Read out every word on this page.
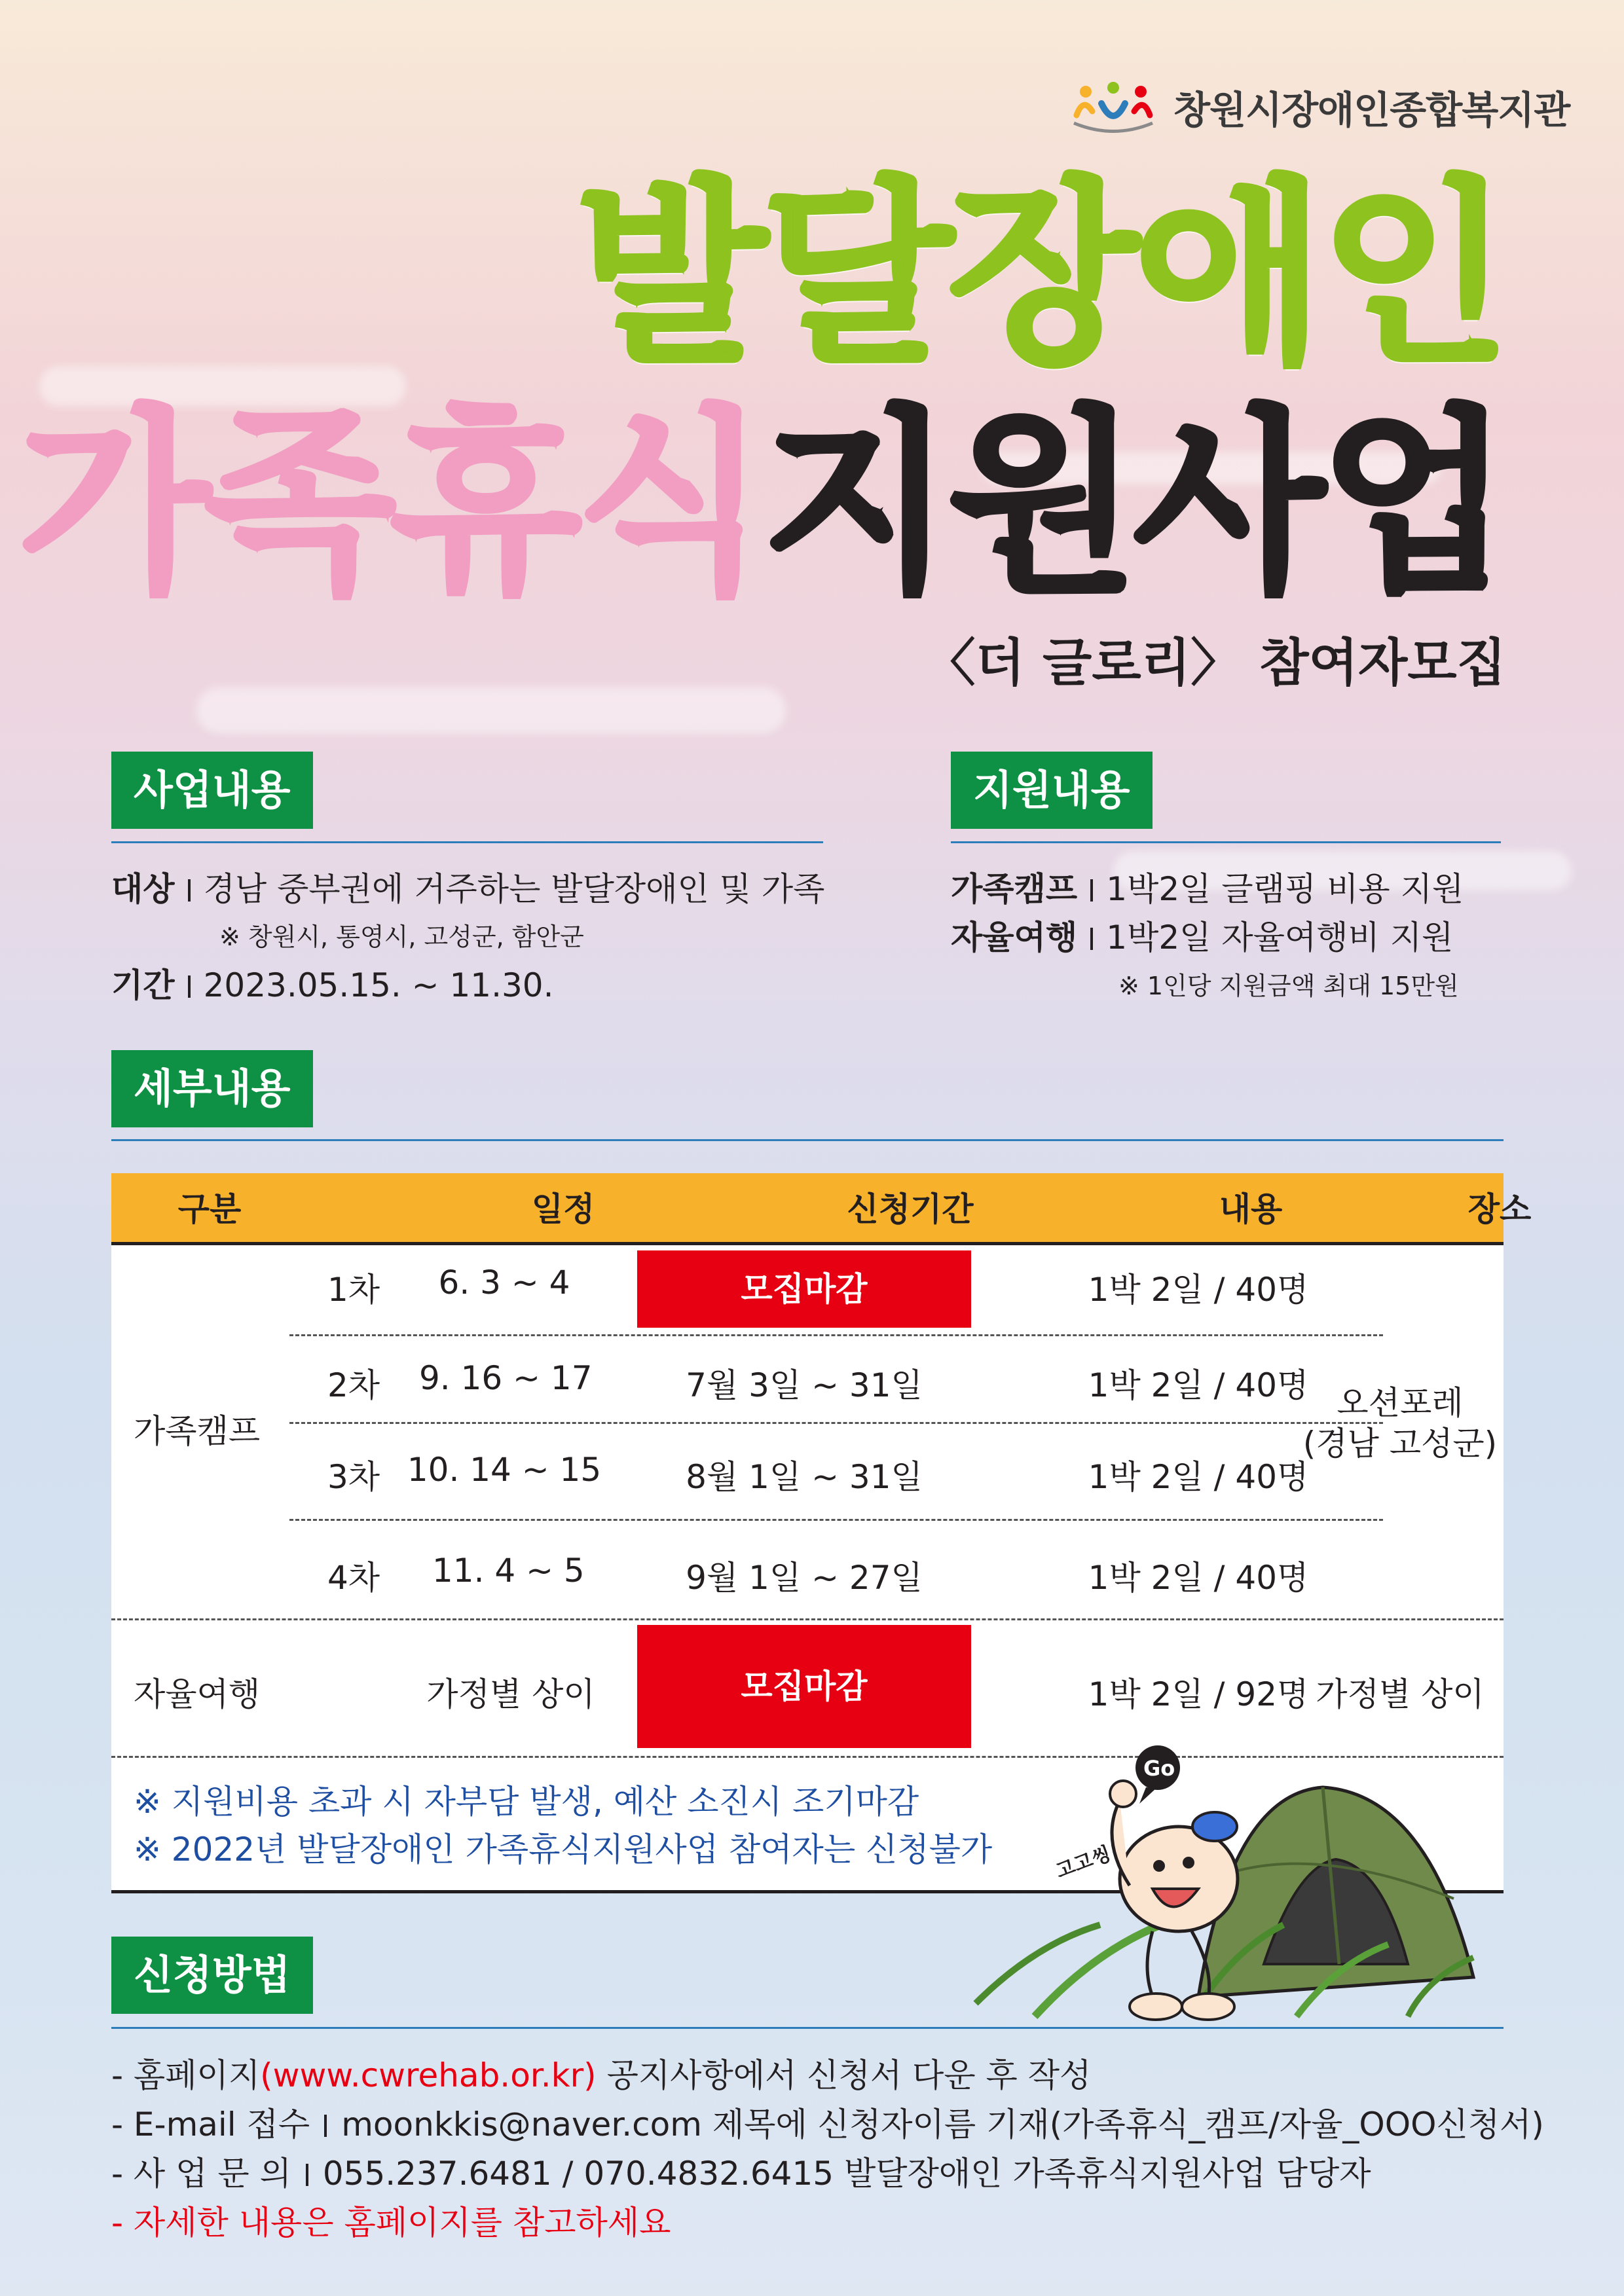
창원시장애인종합복지관
발달장애인
가족휴식지원사업
〈더 글로리〉 참여자모집
사업내용
대상 경남 중부권에 거주하는 발달장애인 및 가족
※ 창원시, 통영시, 고성군, 함안군
기간 2023.05.15. ~ 11.30.
지원내용
가족캠프 1박2일 글램핑 비용 지원
자율여행 1박2일 자율여행비 지원
※ 1인당 지원금액 최대 15만원
세부내용
구분	일정	신청기간	내용	장소
가족캠프
오션포레
(경남 고성군)
1차 6. 3 ~ 4	모집마감	1박 2일 / 40명
2차 9. 16 ~ 17	7월 3일 ~ 31일	1박 2일 / 40명
3차 10. 14 ~ 15	8월 1일 ~ 31일	1박 2일 / 40명
4차 11. 4 ~ 5	9월 1일 ~ 27일	1박 2일 / 40명
자율여행	가정별 상이	모집마감	1박 2일 / 92명 가정별 상이
※ 지원비용 초과 시 자부담 발생, 예산 소진시 조기마감
※ 2022년 발달장애인 가족휴식지원사업 참여자는 신청불가
Go
고고씽
신청방법
- 홈페이지(www.cwrehab.or.kr) 공지사항에서 신청서 다운 후 작성
- E-mail 접수 moonkkis@naver.com 제목에 신청자이름 기재(가족휴식_캠프/자율_OOO신청서)
- 사 업 문 의 055.237.6481 / 070.4832.6415 발달장애인 가족휴식지원사업 담당자
- 자세한 내용은 홈페이지를 참고하세요
